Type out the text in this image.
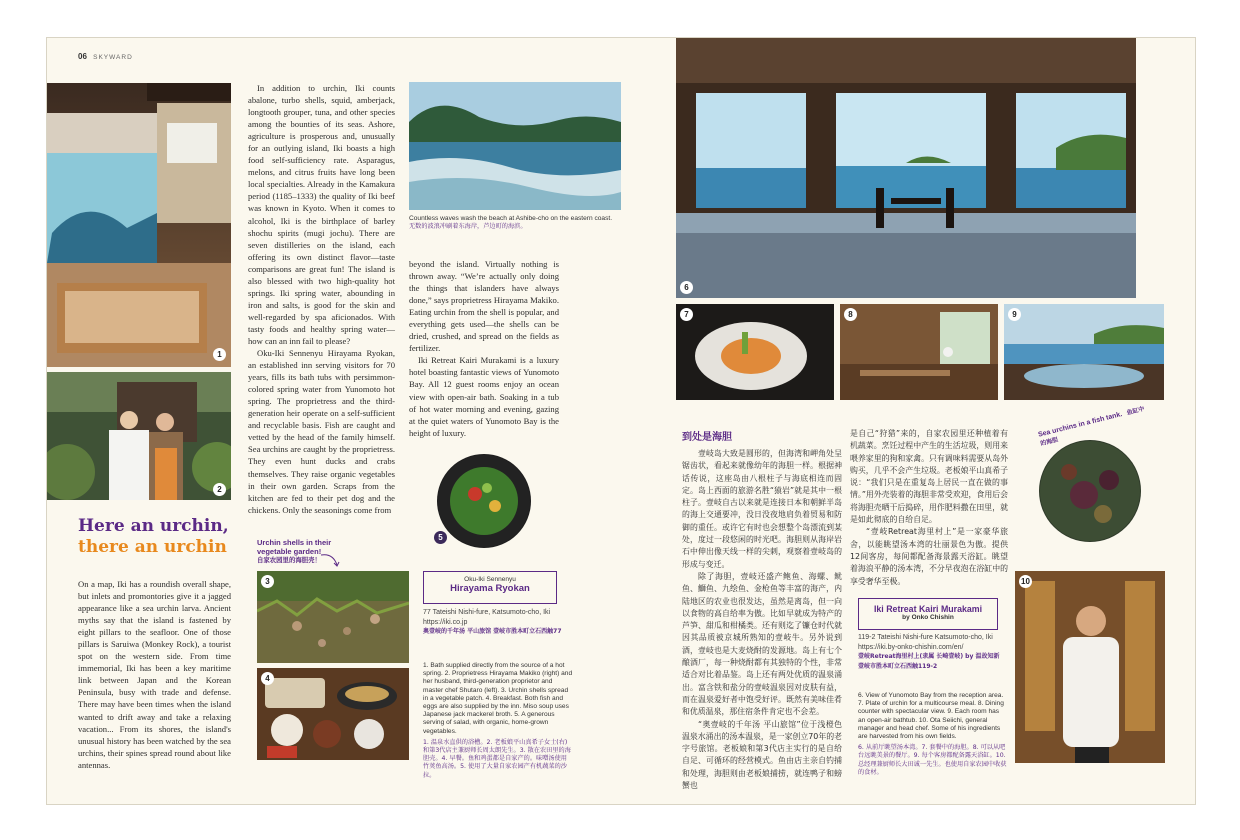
06 SKYWARD
1
2
Here an urchin,
there an urchin

On a map, Iki has a roundish overall shape, but inlets and promontories give it a jagged appearance like a sea urchin larva. Ancient myths say that the island is fastened by eight pillars to the seafloor. One of those pillars is Saruiwa (Monkey Rock), a tourist spot on the western side. From time immemorial, Iki has been a key maritime link between Japan and the Korean Peninsula, busy with trade and defense. There may have been times when the island wanted to drift away and take a relaxing vacation... From its shores, the island's unusual history has been watched by the sea urchins, their spines spread round about like antennas.

In addition to urchin, Iki counts abalone, turbo shells, squid, amberjack, longtooth grouper, tuna, and other species among the bounties of its seas. Ashore, agriculture is prosperous and, unusually for an outlying island, Iki boasts a high food self-sufficiency rate. Asparagus, melons, and citrus fruits have long been local specialties. Already in the Kamakura period (1185–1333) the quality of Iki beef was known in Kyoto. When it comes to alcohol, Iki is the birthplace of barley shochu spirits (mugi jochu). There are seven distilleries on the island, each offering its own distinct flavor—taste comparisons are great fun! The island is also blessed with two high-quality hot springs. Iki spring water, abounding in iron and salts, is good for the skin and well-regarded by spa aficionados. With tasty foods and healthy spring water—how can an inn fail to please?

Oku-Iki Sennenyu Hirayama Ryokan, an established inn serving visitors for 70 years, fills its bath tubs with persimmon-colored spring water from Yunomoto hot spring. The proprietress and the third-generation heir operate on a self-sufficient and recyclable basis. Fish are caught and vetted by the head of the family himself. Sea urchins are caught by the proprietress. They even hunt ducks and crabs themselves. They raise organic vegetables in their own garden. Scraps from the kitchen are fed to their pet dog and the chickens. Only the seasonings come from

Countless waves wash the beach at Ashibe-cho on the eastern coast.
无数的波浪冲刷着东海岸，芦边町的海滨。

beyond the island. Virtually nothing is thrown away. “We’re actually only doing the things that islanders have always done,” says proprietress Hirayama Makiko. Eating urchin from the shell is popular, and everything gets used—the shells can be dried, crushed, and spread on the fields as fertilizer.

Iki Retreat Kairi Murakami is a luxury hotel boasting fantastic views of Yunomoto Bay. All 12 guest rooms enjoy an ocean view with open-air bath. Soaking in a tub of hot water morning and evening, gazing at the quiet waters of Yunomoto Bay is the height of luxury.

5
Urchin shells in their
vegetable garden!
自家农园里的海胆壳！
3
4
Oku-Iki Sennenyu
Hirayama Ryokan
77 Tateishi Nishi-fure, Katsumoto-cho, Iki
https://iki.co.jp
奥壹岐的千年汤 平山旅馆 壹岐市胜本町立石西触77
1. Bath supplied directly from the source of a hot spring. 2. Proprietress Hirayama Makiko (right) and her husband, third-generation proprietor and master chef Shutaro (left). 3. Urchin shells spread in a vegetable patch. 4. Breakfast. Both fish and eggs are also supplied by the inn. Miso soup uses Japanese jack mackerel broth. 5. A generous serving of salad, with organic, home-grown vegetables.
1. 温泉水直供的浴槽。2. 老板娘平山真希子女士(右)和第3代店主兼厨师长周太朗先生。3. 散在农田里的海胆壳。4. 早餐。鱼和鸡蛋都是自家产的。味噌汤使用竹荚鱼高汤。5. 使用了大量自家农园产有机蔬菜的沙拉。
6
7	8	9
到处是海胆

壹岐岛大致是圆形的，但海湾和岬角处呈锯齿状，看起来就像幼年的海胆一样。根据神话传说，这座岛由八根柱子与海底相连而固定。岛上西面的旅游名胜“猿岩”就是其中一根柱子。壹岐自古以来就是连接日本和朝鲜半岛的海上交通要冲，没日没夜地肩负着贸易和防御的重任。或许它有时也会想整个岛漂流到某处，度过一段悠闲的时光吧。海胆则从海岸岩石中伸出像天线一样的尖刺，观察着壹岐岛的形成与变迁。

除了海胆，壹岐还盛产鲍鱼、海螺、鱿鱼、鰤鱼、九绘鱼、金枪鱼等丰富的海产，内陆地区的农业也很发达，虽然是离岛，但一向以食物的高自给率为傲。比如早就成为特产的芦笋、甜瓜和柑橘类。还有则迄了镰仓时代就因其品质被京城所熟知的壹岐牛。另外说到酒，壹岐也是大麦烧酎的发源地。岛上有七个酿酒厂，每一种烧酎都有其独特的个性，非常适合对比着品鉴。岛上还有两处优质的温泉涌出。富含铁和盐分的壹岐温泉因对皮肤有益，而在温泉爱好者中饱受好评。既然有美味佳肴和优质温泉，那住宿条件肯定也不会差。

“奥壹岐的千年汤 平山旅馆”位于浅橙色温泉水涌出的汤本温泉，是一家创立70年的老字号旅馆。老板娘和第3代店主实行的是自给自足、可循环的经营模式。鱼由店主亲自钓捕和处理，海胆则由老板娘捕捞，就连鸭子和螃蟹也

是自己“狩猎”来的，自家农园里还种植着有机蔬菜。烹饪过程中产生的生活垃圾，则用来喂养家里的狗和家禽。只有调味料需要从岛外购买，几乎不会产生垃圾。老板娘平山真希子说：“我们只是在重复岛上居民一直在做的事情。”用外壳装着的海胆非常受欢迎，食用后会将海胆壳晒干后捣碎，用作肥料撒在田里，就是如此彻底的自给自足。

“壹岐Retreat海里村上”是一家豪华旅舍，以能眺望汤本湾的壮丽景色为傲。提供12间客房，每间都配备海景露天浴缸。眺望着海浪平静的汤本湾，不分早夜泡在浴缸中的享受奢华至极。

Sea urchins in a fish tank. 鱼缸中的海胆
Iki Retreat Kairi Murakami
by Onko Chishin
119-2 Tateishi Nishi-fure Katsumoto-cho, Iki
https://iki.by-onko-chishin.com/en/
壹岐Retreat海里村上(隶属 长崎壹岐) by 温故知新
壹岐市胜本町立石西触119-2
6. View of Yunomoto Bay from the reception area. 7. Plate of urchin for a multicourse meal. 8. Dining counter with spectacular view. 9. Each room has an open-air bathtub. 10. Ota Seiichi, general manager and head chef. Some of his ingredients are harvested from his own fields.
6. 从前厅眺望汤本湾。7. 套餐中的海胆。8. 可以从吧台远眺美景的餐厅。9. 每个客房都配备露天浴缸。10. 总经理兼厨师长大田诚一先生。也使用自家农园中收获的食材。
10
